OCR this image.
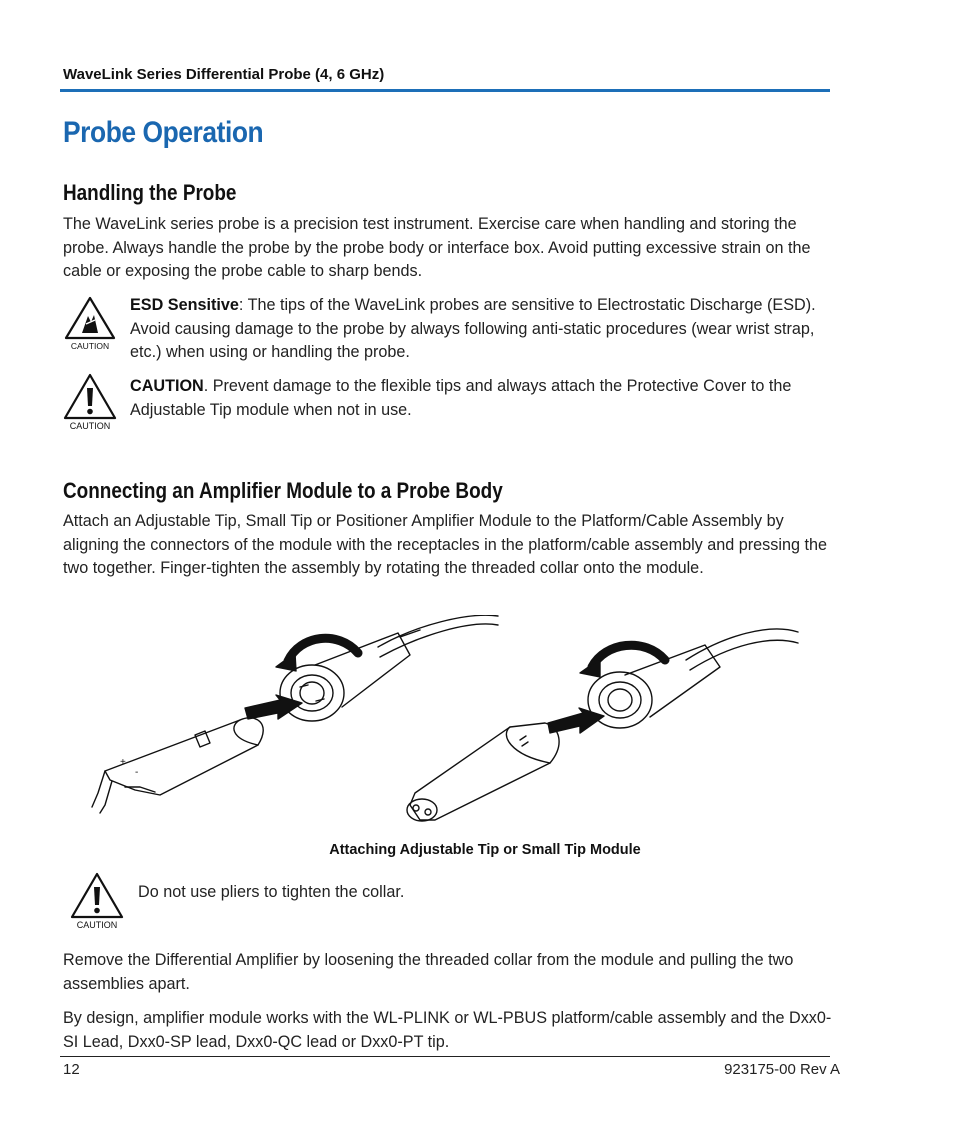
WaveLink Series Differential Probe (4, 6 GHz)
Probe Operation
Handling the Probe

The WaveLink series probe is a precision test instrument. Exercise care when handling and storing the probe. Always handle the probe by the probe body or interface box. Avoid putting excessive strain on the cable or exposing the probe cable to sharp bends.

CAUTION

ESD Sensitive: The tips of the WaveLink probes are sensitive to Electrostatic Discharge (ESD). Avoid causing damage to the probe by always following anti-static procedures (wear wrist strap, etc.) when using or handling the probe.

CAUTION

CAUTION. Prevent damage to the flexible tips and always attach the Protective Cover to the Adjustable Tip module when not in use.

Connecting an Amplifier Module to a Probe Body

Attach an Adjustable Tip, Small Tip or Positioner Amplifier Module to the Platform/Cable Assembly by aligning the connectors of the module with the receptacles in the platform/cable assembly and pressing the two together. Finger-tighten the assembly by rotating the threaded collar onto the module.

+
-
Attaching Adjustable Tip or Small Tip Module
CAUTION

Do not use pliers to tighten the collar.

Remove the Differential Amplifier by loosening the threaded collar from the module and pulling the two assemblies apart.

By design, amplifier module works with the WL-PLINK or WL-PBUS platform/cable assembly and the Dxx0-SI Lead, Dxx0-SP lead, Dxx0-QC lead or Dxx0-PT tip.

12	923175-00 Rev A
